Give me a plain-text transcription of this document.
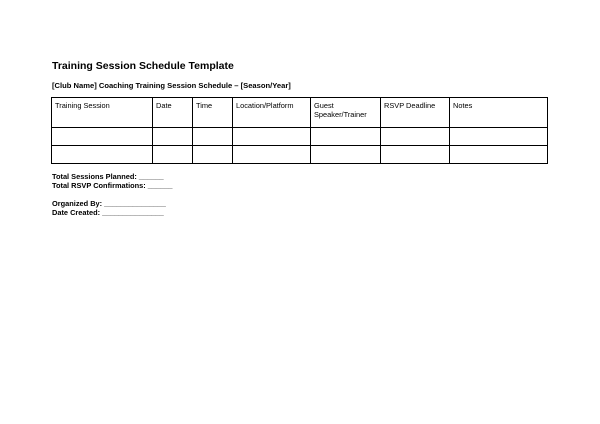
Training Session Schedule Template
[Club Name] Coaching Training Session Schedule – [Season/Year]
Training Session	Date	Time	Location/Platform	Guest Speaker/Trainer	RSVP Deadline	Notes

Total Sessions Planned: ______
Total RSVP Confirmations: ______
Organized By: _______________
Date Created: _______________
